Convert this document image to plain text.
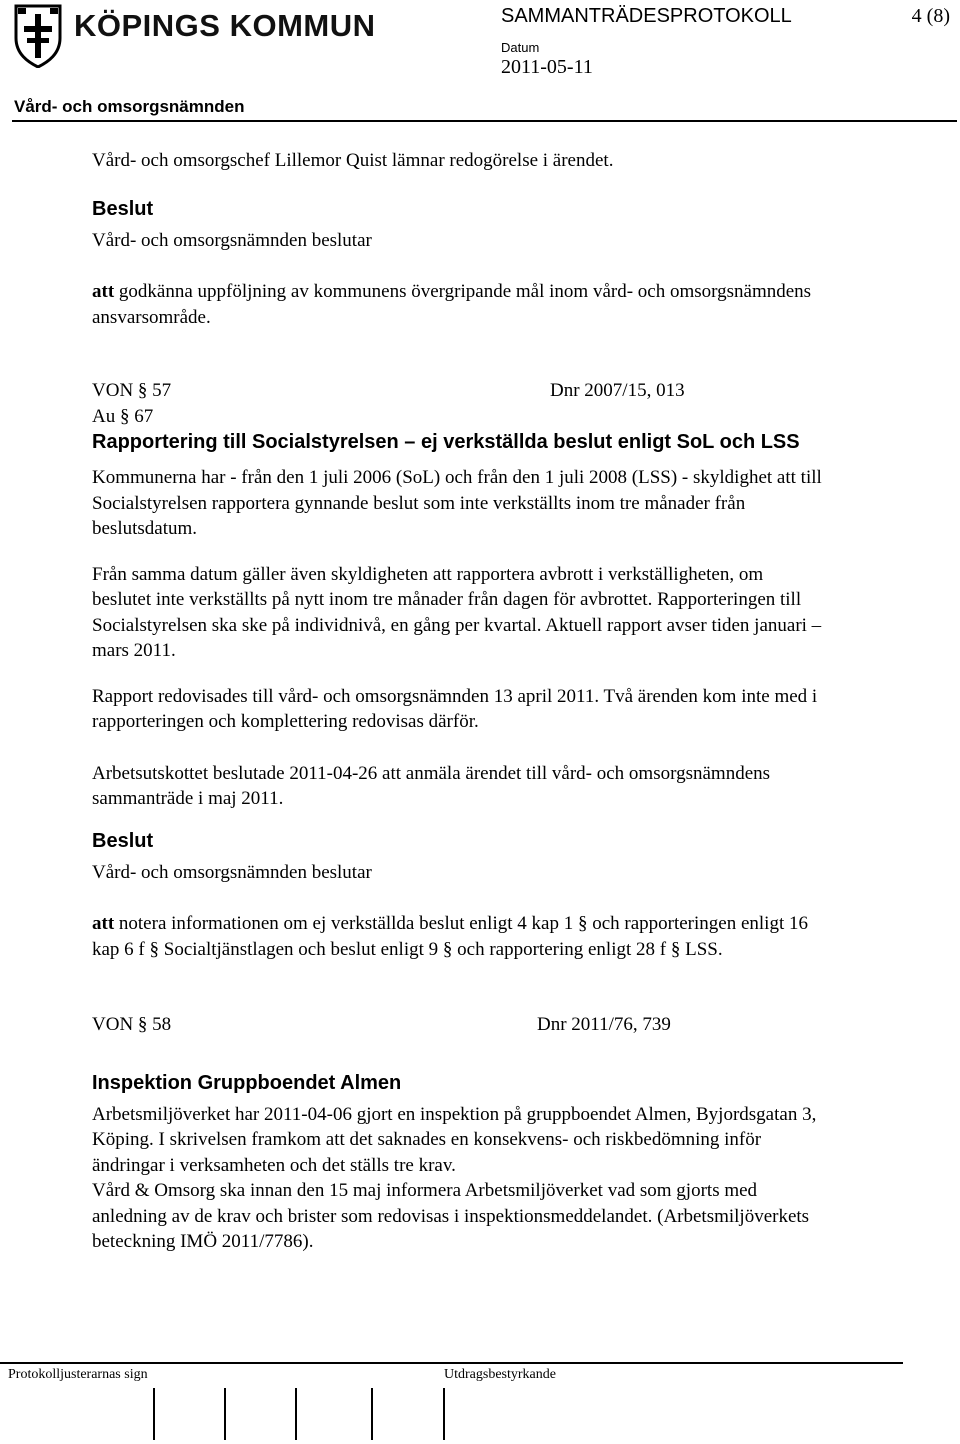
KÖPINGS KOMMUN	SAMMANTRÄDESPROTOKOLL	4 (8)
Datum
2011-05-11
Vård- och omsorgsnämnden

Vård- och omsorgschef Lillemor Quist lämnar redogörelse i ärendet.

Beslut

Vård- och omsorgsnämnden beslutar

att godkänna uppföljning av kommunens övergripande mål inom vård- och omsorgsnämndens ansvarsområde.

VON § 57	Dnr 2007/15, 013

Au § 67

Rapportering till Socialstyrelsen – ej verkställda beslut enligt SoL och LSS

Kommunerna har - från den 1 juli 2006 (SoL) och från den 1 juli 2008 (LSS) - skyldighet att till Socialstyrelsen rapportera gynnande beslut som inte verkställts inom tre månader från beslutsdatum.

Från samma datum gäller även skyldigheten att rapportera avbrott i verkställigheten, om beslutet inte verkställts på nytt inom tre månader från dagen för avbrottet. Rapporteringen till Socialstyrelsen ska ske på individnivå, en gång per kvartal. Aktuell rapport avser tiden januari – mars 2011.

Rapport redovisades till vård- och omsorgsnämnden 13 april 2011. Två ärenden kom inte med i rapporteringen och komplettering redovisas därför.

Arbetsutskottet beslutade 2011-04-26 att anmäla ärendet till vård- och omsorgsnämndens sammanträde i maj 2011.

Beslut

Vård- och omsorgsnämnden beslutar

att notera informationen om ej verkställda beslut enligt 4 kap 1 § och rapporteringen enligt 16 kap 6 f § Socialtjänstlagen och beslut enligt 9 § och rapportering enligt 28 f § LSS.

VON § 58	Dnr 2011/76, 739

Inspektion Gruppboendet Almen

Arbetsmiljöverket har 2011-04-06 gjort en inspektion på gruppboendet Almen, Byjordsgatan 3, Köping. I skrivelsen framkom att det saknades en konsekvens- och riskbedömning inför ändringar i verksamheten och det ställs tre krav.

Vård & Omsorg ska innan den 15 maj informera Arbetsmiljöverket vad som gjorts med anledning av de krav och brister som redovisas i inspektionsmeddelandet. (Arbetsmiljöverkets beteckning IMÖ 2011/7786).

Protokolljusterarnas sign	Utdragsbestyrkande
